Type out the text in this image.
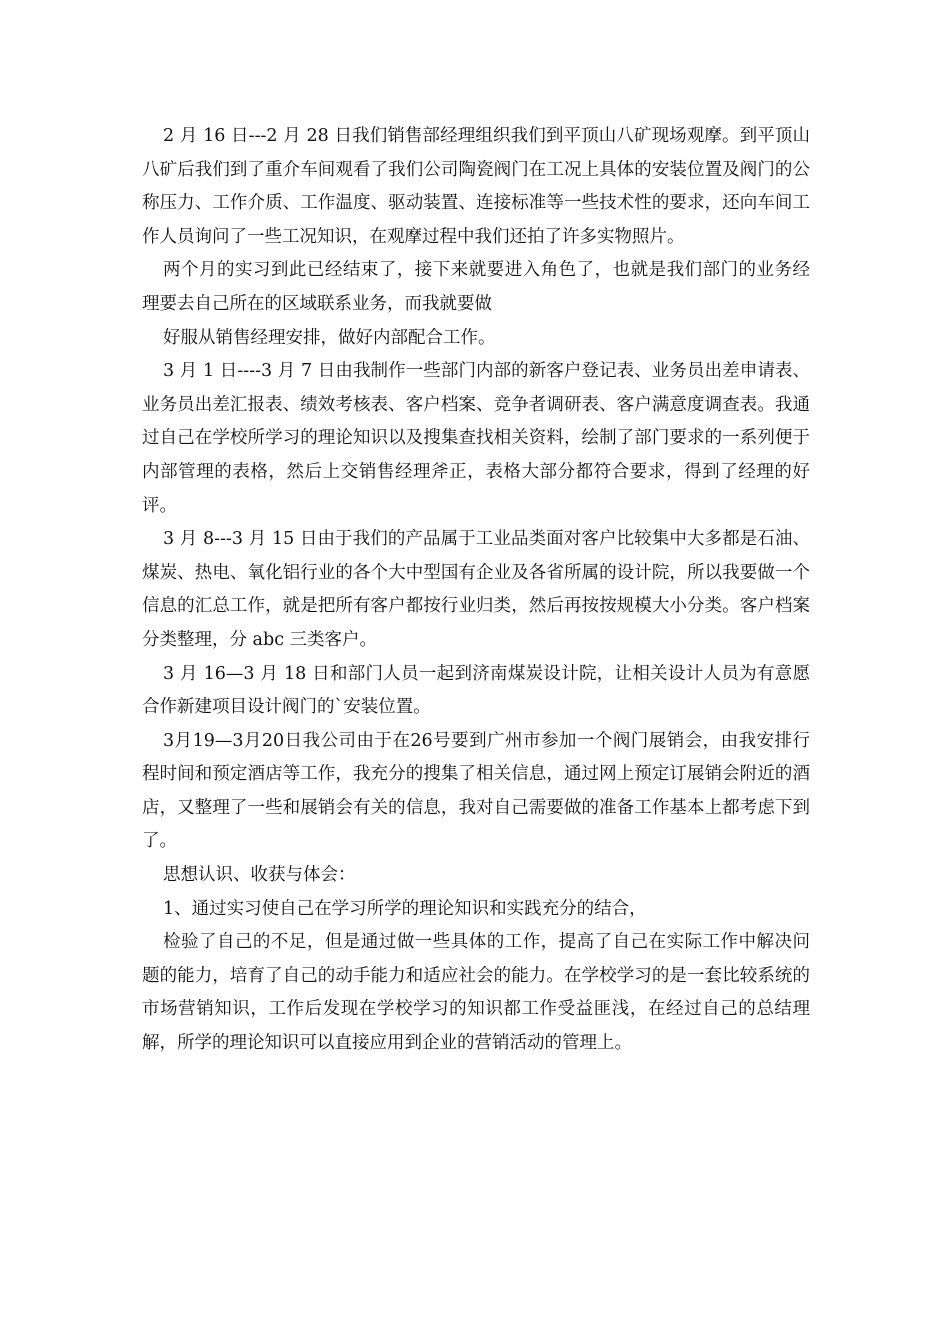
2 月 16 日---2 月 28 日我们销售部经理组织我们到平顶山八矿现场观摩。到平顶山八矿后我们到了重介车间观看了我们公司陶瓷阀门在工况上具体的安装位置及阀门的公称压力、工作介质、工作温度、驱动装置、连接标准等一些技术性的要求，还向车间工作人员询问了一些工况知识，在观摩过程中我们还拍了许多实物照片。

两个月的实习到此已经结束了，接下来就要进入角色了，也就是我们部门的业务经理要去自己所在的区域联系业务，而我就要做

好服从销售经理安排，做好内部配合工作。

3 月 1 日----3 月 7 日由我制作一些部门内部的新客户登记表、业务员出差申请表、业务员出差汇报表、绩效考核表、客户档案、竞争者调研表、客户满意度调查表。我通过自己在学校所学习的理论知识以及搜集查找相关资料，绘制了部门要求的一系列便于内部管理的表格，然后上交销售经理斧正，表格大部分都符合要求，得到了经理的好评。

3 月 8---3 月 15 日由于我们的产品属于工业品类面对客户比较集中大多都是石油、煤炭、热电、氧化铝行业的各个大中型国有企业及各省所属的设计院，所以我要做一个信息的汇总工作，就是把所有客户都按行业归类，然后再按按规模大小分类。客户档案分类整理，分 abc 三类客户。

3 月 16—3 月 18 日和部门人员一起到济南煤炭设计院，让相关设计人员为有意愿合作新建项目设计阀门的`安装位置。

3月19—3月20日我公司由于在26号要到广州市参加一个阀门展销会，由我安排行程时间和预定酒店等工作，我充分的搜集了相关信息，通过网上预定订展销会附近的酒店，又整理了一些和展销会有关的信息，我对自己需要做的准备工作基本上都考虑下到了。

思想认识、收获与体会：

1、通过实习使自己在学习所学的理论知识和实践充分的结合，

检验了自己的不足，但是通过做一些具体的工作，提高了自己在实际工作中解决问题的能力，培育了自己的动手能力和适应社会的能力。在学校学习的是一套比较系统的市场营销知识，工作后发现在学校学习的知识都工作受益匪浅，在经过自己的总结理解，所学的理论知识可以直接应用到企业的营销活动的管理上。
